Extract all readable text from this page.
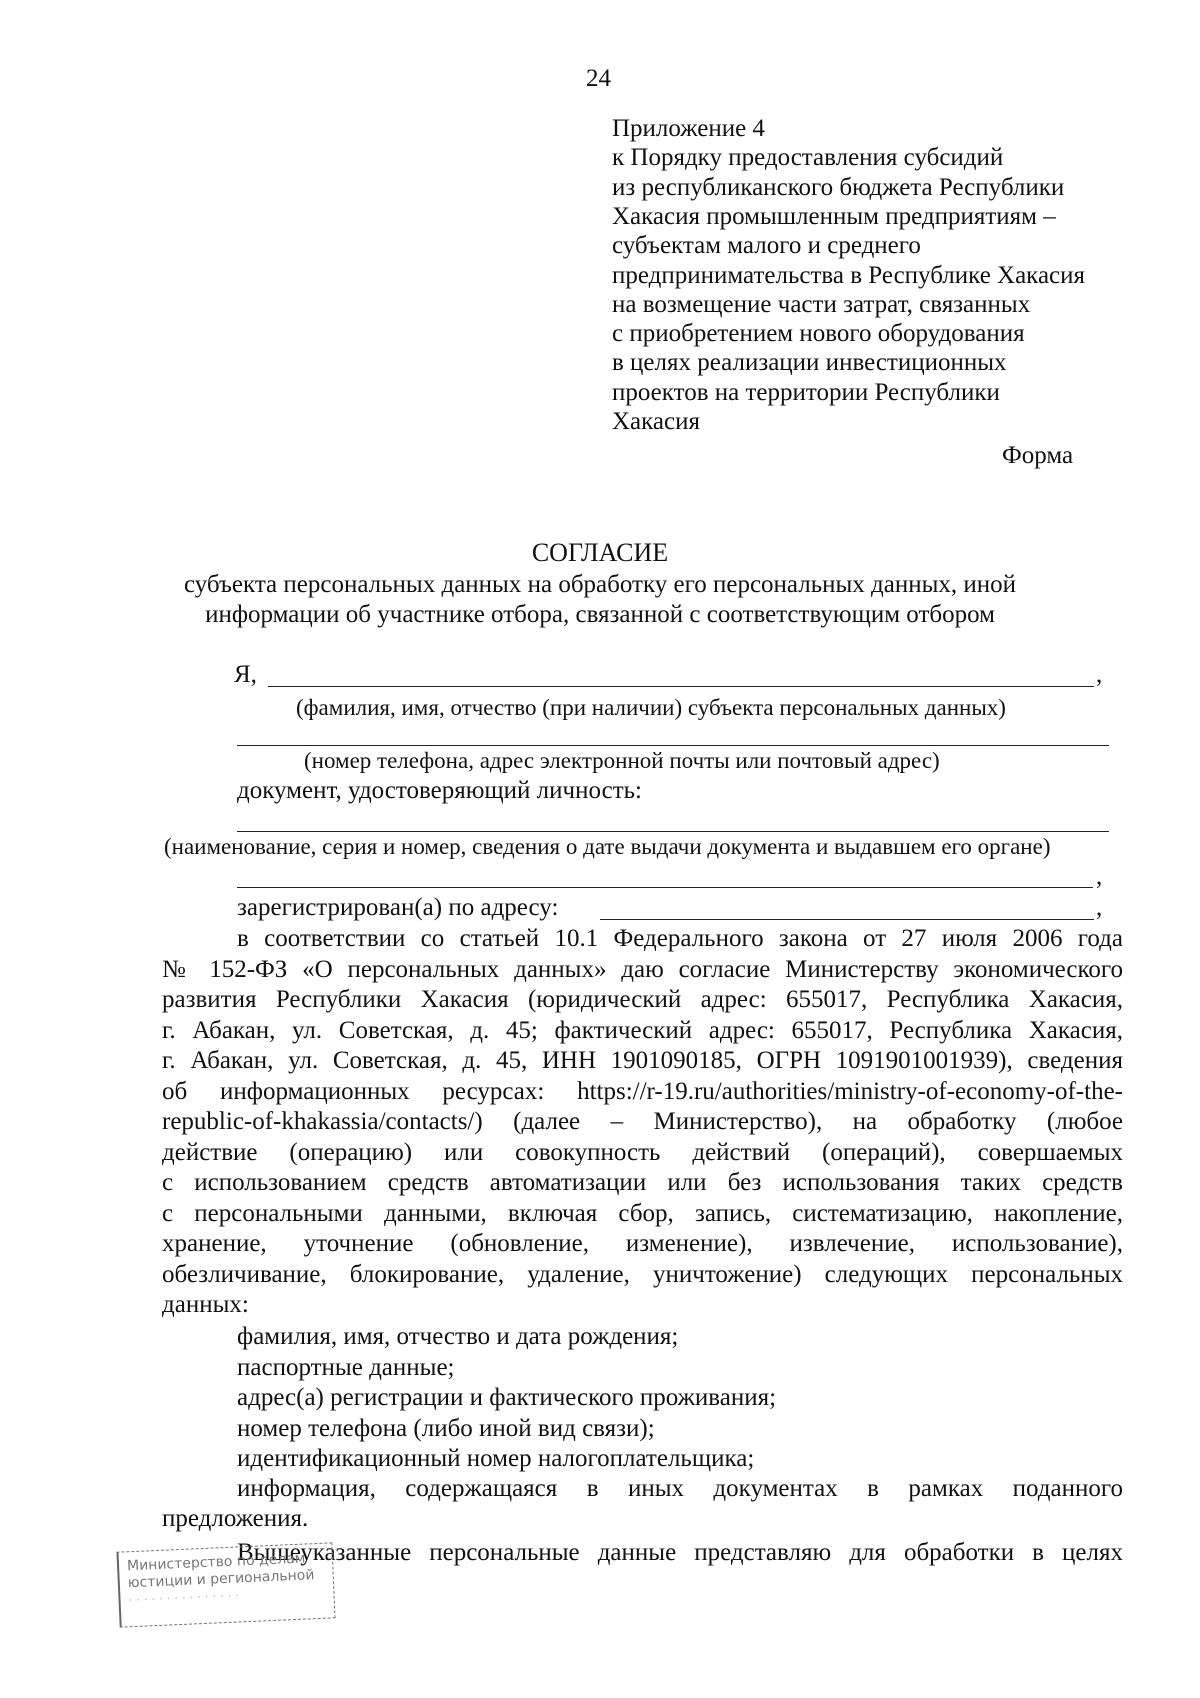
24
Приложение 4
к Порядку предоставления субсидий
из республиканского бюджета Республики
Хакасия промышленным предприятиям –
субъектам малого и среднего
предпринимательства в Республике Хакасия
на возмещение части затрат, связанных
с приобретением нового оборудования
в целях реализации инвестиционных
проектов на территории Республики
Хакасия
Форма
СОГЛАСИЕ
субъекта персональных данных на обработку его персональных данных, иной
информации об участнике отбора, связанной с соответствующим отбором
Я,	,
(фамилия, имя, отчество (при наличии) субъекта персональных данных)
(номер телефона, адрес электронной почты или почтовый адрес)
документ, удостоверяющий личность:
(наименование, серия и номер, сведения о дате выдачи документа и выдавшем его органе)
,
зарегистрирован(а) по адресу:	,
в соответствии со статьей 10.1 Федерального закона от 27 июля 2006 года
№ 152-ФЗ «О персональных данных» даю согласие Министерству экономического
развития Республики Хакасия (юридический адрес: 655017, Республика Хакасия,
г. Абакан, ул. Советская, д. 45; фактический адрес: 655017, Республика Хакасия,
г. Абакан, ул. Советская, д. 45, ИНН 1901090185, ОГРН 1091901001939), сведения
об информационных ресурсах: https://r-19.ru/authorities/ministry-of-economy-of-the-
republic-of-khakassia/contacts/) (далее – Министерство), на обработку (любое
действие (операцию) или совокупность действий (операций), совершаемых
с использованием средств автоматизации или без использования таких средств
с персональными данными, включая сбор, запись, систематизацию, накопление,
хранение, уточнение (обновление, изменение), извлечение, использование),
обезличивание, блокирование, удаление, уничтожение) следующих персональных
данных:
фамилия, имя, отчество и дата рождения;
паспортные данные;
адрес(а) регистрации и фактического проживания;
номер телефона (либо иной вид связи);
идентификационный номер налогоплательщика;
информация, содержащаяся в иных документах в рамках поданного
предложения.
Вышеуказанные персональные данные представляю для обработки в целях
Министерство по делам
юстиции и региональной
· · · · · · · · · · · · · · ·
